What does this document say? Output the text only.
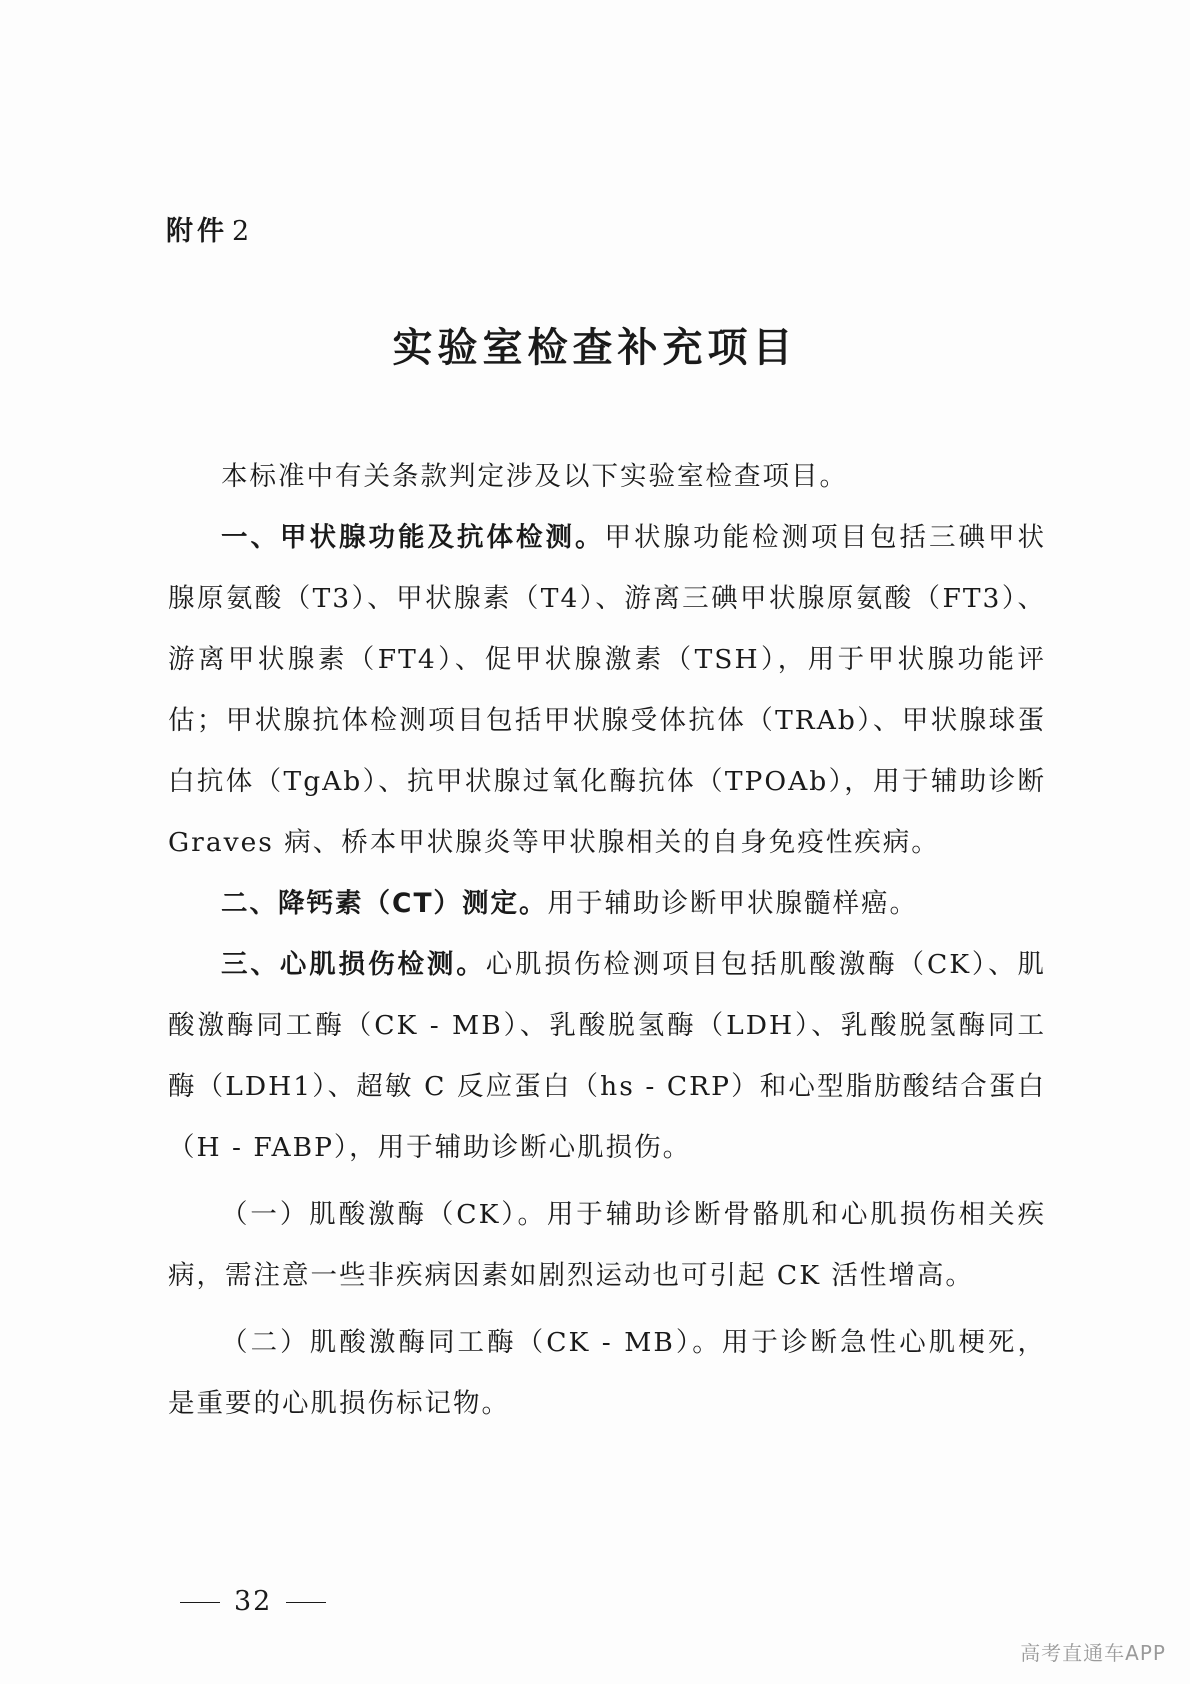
附件 2
实验室检查补充项目

本标准中有关条款判定涉及以下实验室检查项目。

一、甲状腺功能及抗体检测。甲状腺功能检测项目包括三碘甲状腺原氨酸（T3）、甲状腺素（T4）、游离三碘甲状腺原氨酸（FT3）、游离甲状腺素（FT4）、促甲状腺激素（TSH），用于甲状腺功能评估；甲状腺抗体检测项目包括甲状腺受体抗体（TRAb）、甲状腺球蛋白抗体（TgAb）、抗甲状腺过氧化酶抗体（TPOAb），用于辅助诊断 Graves 病、桥本甲状腺炎等甲状腺相关的自身免疫性疾病。

二、降钙素（CT）测定。用于辅助诊断甲状腺髓样癌。

三、心肌损伤检测。心肌损伤检测项目包括肌酸激酶（CK）、肌酸激酶同工酶（CK - MB）、乳酸脱氢酶（LDH）、乳酸脱氢酶同工酶（LDH1）、超敏 C 反应蛋白（hs - CRP）和心型脂肪酸结合蛋白（H - FABP），用于辅助诊断心肌损伤。

（一）肌酸激酶（CK）。用于辅助诊断骨骼肌和心肌损伤相关疾病，需注意一些非疾病因素如剧烈运动也可引起 CK 活性增高。

（二）肌酸激酶同工酶（CK - MB）。用于诊断急性心肌梗死，是重要的心肌损伤标记物。

32
高考直通车APP
